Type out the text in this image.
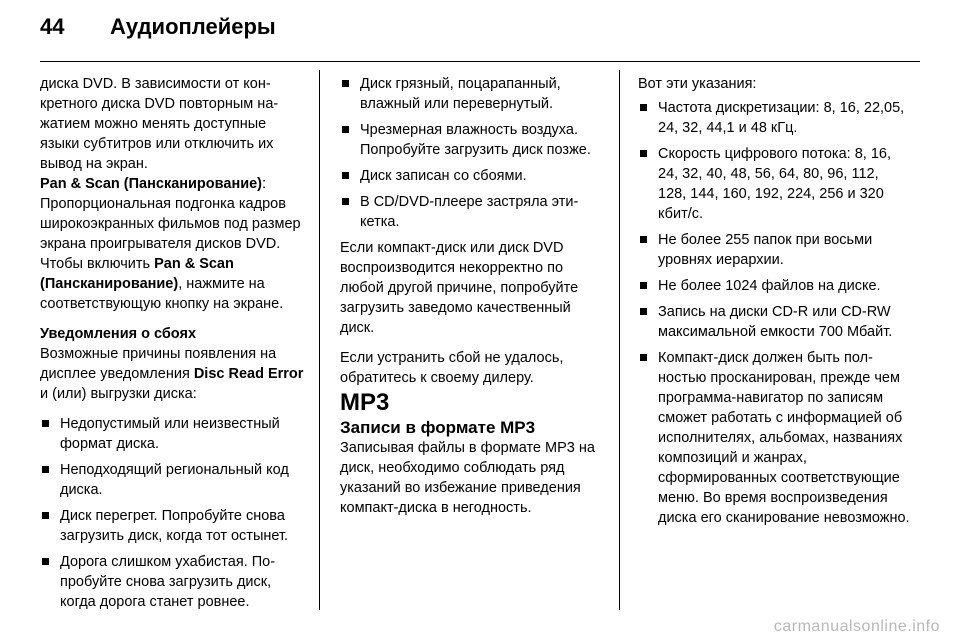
44 Аудиоплейеры

диска DVD. В зависимости от конкретного диска DVD повторным нажатием можно менять доступные языки субтитров или отключить их вывод на экран.

Pan & Scan (Пансканирование): Пропорциональная подгонка кадров широкоэкранных фильмов под размер экрана проигрывателя дисков DVD. Чтобы включить Pan & Scan (Пансканирование), нажмите на соответствующую кнопку на экране.

Уведомления о сбоях

Возможные причины появления на дисплее уведомления Disc Read Error и (или) выгрузки диска:

Недопустимый или неизвестный формат диска.
Неподходящий региональный код диска.
Диск перегрет. Попробуйте снова загрузить диск, когда тот остынет.
Дорога слишком ухабистая. Попробуйте снова загрузить диск, когда дорога станет ровнее.
Диск грязный, поцарапанный, влажный или перевернутый.
Чрезмерная влажность воздуха. Попробуйте загрузить диск позже.
Диск записан со сбоями.
В CD/DVD-плеере застряла этикетка.

Если компакт-диск или диск DVD воспроизводится некорректно по любой другой причине, попробуйте загрузить заведомо качественный диск.

Если устранить сбой не удалось, обратитесь к своему дилеру.

MP3

Записи в формате MP3

Записывая файлы в формате MP3 на диск, необходимо соблюдать ряд указаний во избежание приведения компакт-диска в негодность.

Вот эти указания:

Частота дискретизации: 8, 16, 22,05, 24, 32, 44,1 и 48 кГц.
Скорость цифрового потока: 8, 16, 24, 32, 40, 48, 56, 64, 80, 96, 112, 128, 144, 160, 192, 224, 256 и 320 кбит/с.
Не более 255 папок при восьми уровнях иерархии.
Не более 1024 файлов на диске.
Запись на диски CD-R или CD-RW максимальной емкости 700 Мбайт.
Компакт-диск должен быть полностью просканирован, прежде чем программа-навигатор по записям сможет работать с информацией об исполнителях, альбомах, названиях композиций и жанрах, сформированных соответствующие меню. Во время воспроизведения диска его сканирование невозможно.
carmanualsonline.info
